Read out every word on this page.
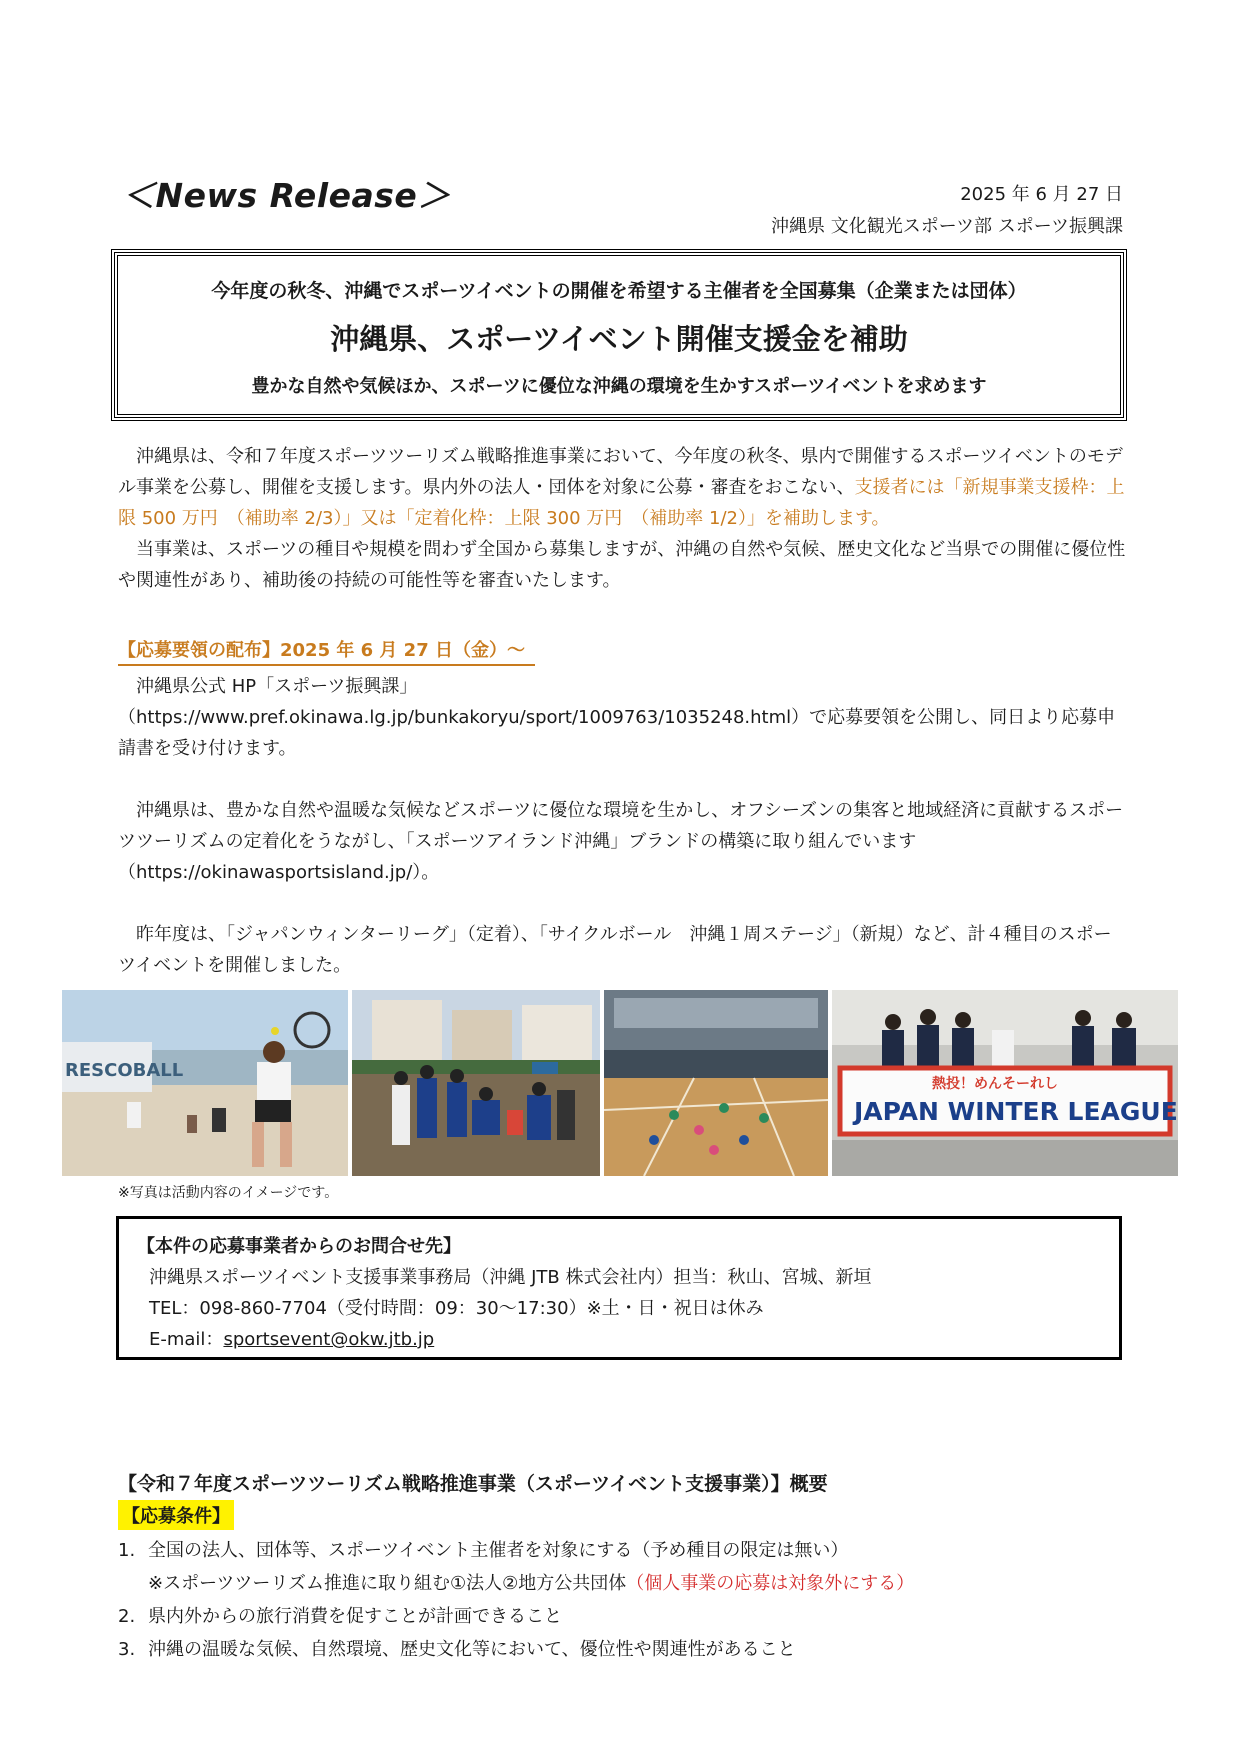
＜News Release＞	2025 年 6 月 27 日
沖縄県 文化観光スポーツ部 スポーツ振興課
今年度の秋冬、沖縄でスポーツイベントの開催を希望する主催者を全国募集（企業または団体）
沖縄県、スポーツイベント開催支援金を補助
豊かな自然や気候ほか、スポーツに優位な沖縄の環境を生かすスポーツイベントを求めます
沖縄県は、令和７年度スポーツツーリズム戦略推進事業において、今年度の秋冬、県内で開催するスポーツイベントのモデル事業を公募し、開催を支援します。県内外の法人・団体を対象に公募・審査をおこない、支援者には「新規事業支援枠：上限 500 万円　（補助率 2/3）」又は「定着化枠：上限 300 万円　（補助率 1/2）」を補助します。
当事業は、スポーツの種目や規模を問わず全国から募集しますが、沖縄の自然や気候、歴史文化など当県での開催に優位性や関連性があり、補助後の持続の可能性等を審査いたします。
【応募要領の配布】2025 年 6 月 27 日（金）～
沖縄県公式 HP「スポーツ振興課」
（https://www.pref.okinawa.lg.jp/bunkakoryu/sport/1009763/1035248.html）で応募要領を公開し、同日より応募申請書を受け付けます。
沖縄県は、豊かな自然や温暖な気候などスポーツに優位な環境を生かし、オフシーズンの集客と地域経済に貢献するスポーツツーリズムの定着化をうながし、「スポーツアイランド沖縄」ブランドの構築に取り組んでいます（https://okinawasportsisland.jp/）。
昨年度は、「ジャパンウィンターリーグ」（定着）、「サイクルボール　沖縄１周ステージ」（新規）など、計４種目のスポーツイベントを開催しました。
RESCOBALL
熱投！めんそーれし
JAPAN WINTER LEAGUE
※写真は活動内容のイメージです。
【本件の応募事業者からのお問合せ先】
沖縄県スポーツイベント支援事業事務局（沖縄 JTB 株式会社内）担当：秋山、宮城、新垣
TEL：098-860-7704（受付時間：09：30～17:30）※土・日・祝日は休み
E-mail：sportsevent@okw.jtb.jp
【令和７年度スポーツツーリズム戦略推進事業（スポーツイベント支援事業）】概要
【応募条件】
1. 全国の法人、団体等、スポーツイベント主催者を対象にする（予め種目の限定は無い）
※スポーツツーリズム推進に取り組む①法人②地方公共団体（個人事業の応募は対象外にする）
2. 県内外からの旅行消費を促すことが計画できること
3. 沖縄の温暖な気候、自然環境、歴史文化等において、優位性や関連性があること
